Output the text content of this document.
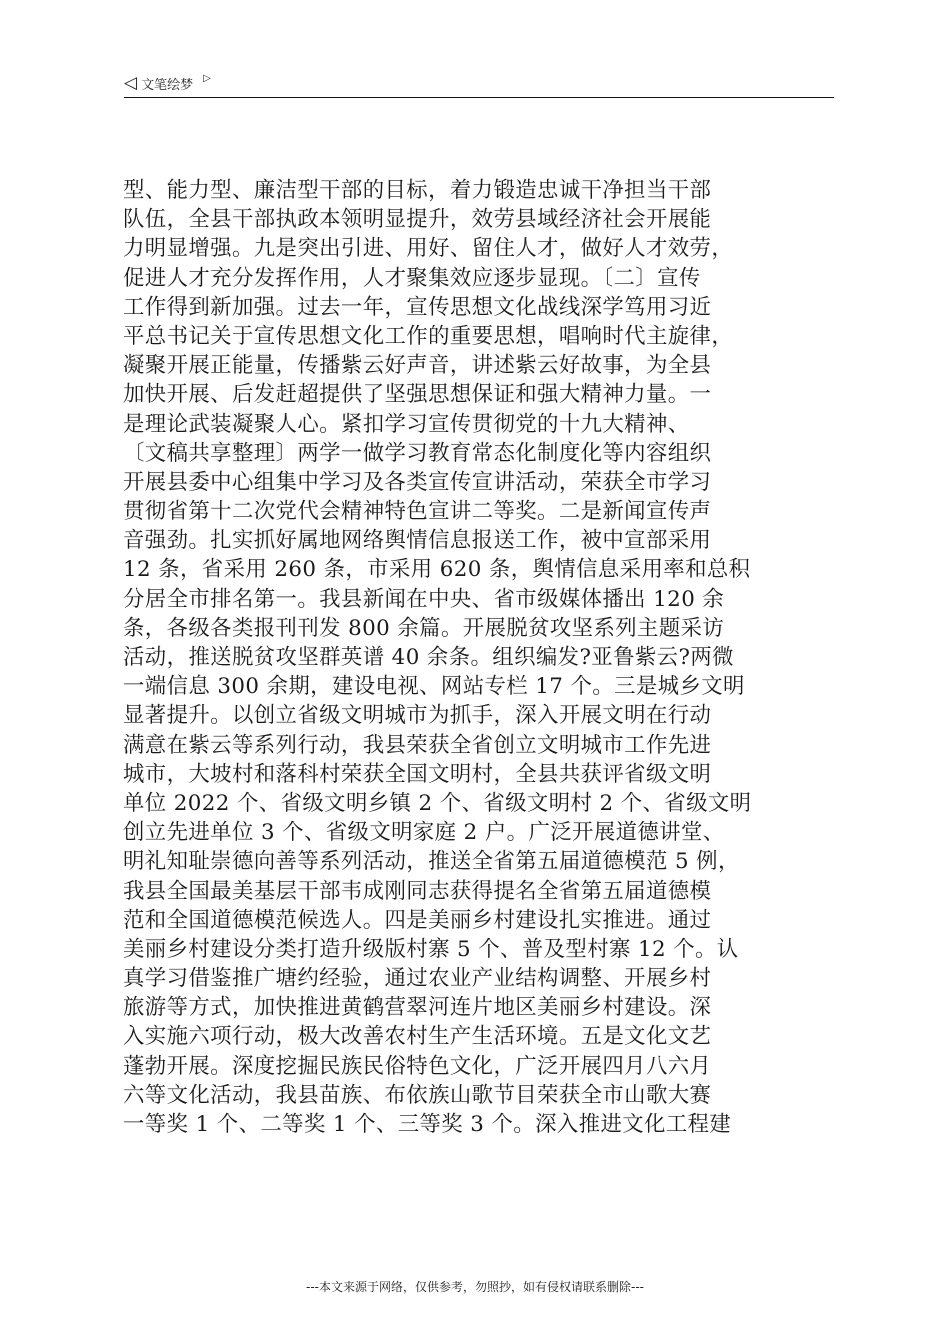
◁ 文笔绘梦 ▷
型、能力型、廉洁型干部的目标，着力锻造忠诚干净担当干部
队伍，全县干部执政本领明显提升，效劳县域经济社会开展能
力明显增强。九是突出引进、用好、留住人才，做好人才效劳，
促进人才充分发挥作用，人才聚集效应逐步显现。〔二〕宣传
工作得到新加强。过去一年，宣传思想文化战线深学笃用习近
平总书记关于宣传思想文化工作的重要思想，唱响时代主旋律，
凝聚开展正能量，传播紫云好声音，讲述紫云好故事，为全县
加快开展、后发赶超提供了坚强思想保证和强大精神力量。一
是理论武装凝聚人心。紧扣学习宣传贯彻党的十九大精神、
〔文稿共享整理〕两学一做学习教育常态化制度化等内容组织
开展县委中心组集中学习及各类宣传宣讲活动，荣获全市学习
贯彻省第十二次党代会精神特色宣讲二等奖。二是新闻宣传声
音强劲。扎实抓好属地网络舆情信息报送工作，被中宣部采用
12 条，省采用 260 条，市采用 620 条，舆情信息采用率和总积
分居全市排名第一。我县新闻在中央、省市级媒体播出 120 余
条，各级各类报刊刊发 800 余篇。开展脱贫攻坚系列主题采访
活动，推送脱贫攻坚群英谱 40 余条。组织编发?亚鲁紫云?两微
一端信息 300 余期，建设电视、网站专栏 17 个。三是城乡文明
显著提升。以创立省级文明城市为抓手，深入开展文明在行动
满意在紫云等系列行动，我县荣获全省创立文明城市工作先进
城市，大坡村和落科村荣获全国文明村，全县共获评省级文明
单位 2022 个、省级文明乡镇 2 个、省级文明村 2 个、省级文明
创立先进单位 3 个、省级文明家庭 2 户。广泛开展道德讲堂、
明礼知耻崇德向善等系列活动，推送全省第五届道德模范 5 例，
我县全国最美基层干部韦成刚同志获得提名全省第五届道德模
范和全国道德模范候选人。四是美丽乡村建设扎实推进。通过
美丽乡村建设分类打造升级版村寨 5 个、普及型村寨 12 个。认
真学习借鉴推广塘约经验，通过农业产业结构调整、开展乡村
旅游等方式，加快推进黄鹤营翠河连片地区美丽乡村建设。深
入实施六项行动，极大改善农村生产生活环境。五是文化文艺
蓬勃开展。深度挖掘民族民俗特色文化，广泛开展四月八六月
六等文化活动，我县苗族、布依族山歌节目荣获全市山歌大赛
一等奖 1 个、二等奖 1 个、三等奖 3 个。深入推进文化工程建
---本文来源于网络，仅供参考，勿照抄，如有侵权请联系删除---
